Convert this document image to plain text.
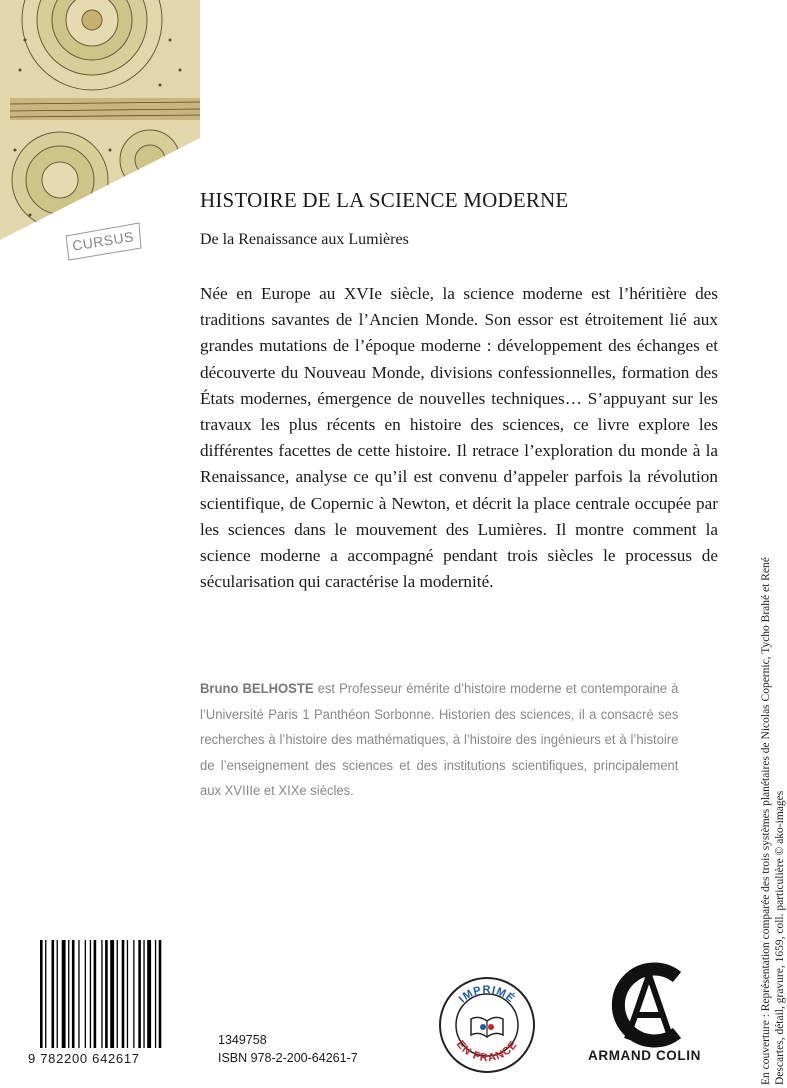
CURSUS
HISTOIRE DE LA SCIENCE MODERNE

De la Renaissance aux Lumières

Née en Europe au XVIe siècle, la science moderne est l’héritière des traditions savantes de l’Ancien Monde. Son essor est étroitement lié aux grandes mutations de l’époque moderne : développement des échanges et découverte du Nouveau Monde, divisions confessionnelles, formation des États modernes, émergence de nouvelles techniques… S’appuyant sur les travaux les plus récents en histoire des sciences, ce livre explore les différentes facettes de cette histoire. Il retrace l’exploration du monde à la Renaissance, analyse ce qu’il est convenu d’appeler parfois la révolution scientifique, de Copernic à Newton, et décrit la place centrale occupée par les sciences dans le mouvement des Lumières. Il montre comment la science moderne a accompagné pendant trois siècles le processus de sécularisation qui caractérise la modernité.

Bruno BELHOSTE est Professeur émérite d’histoire moderne et contemporaine à l’Université Paris 1 Panthéon Sorbonne. Historien des sciences, il a consacré ses recherches à l’histoire des mathématiques, à l’histoire des ingénieurs et à l’histoire de l’enseignement des sciences et des institutions scientifiques, principalement aux XVIIIe et XIXe siècles.

9 782200 642617
1349758
ISBN 978-2-200-64261-7
IMPRIMÉ
EN FRANCE
ARMAND COLIN	En couverture : Représentation comparée des trois systèmes planétaires de Nicolas Copernic, Tycho Brahé et René Descartes, détail, gravure, 1659, coll. particulière © ako-images
